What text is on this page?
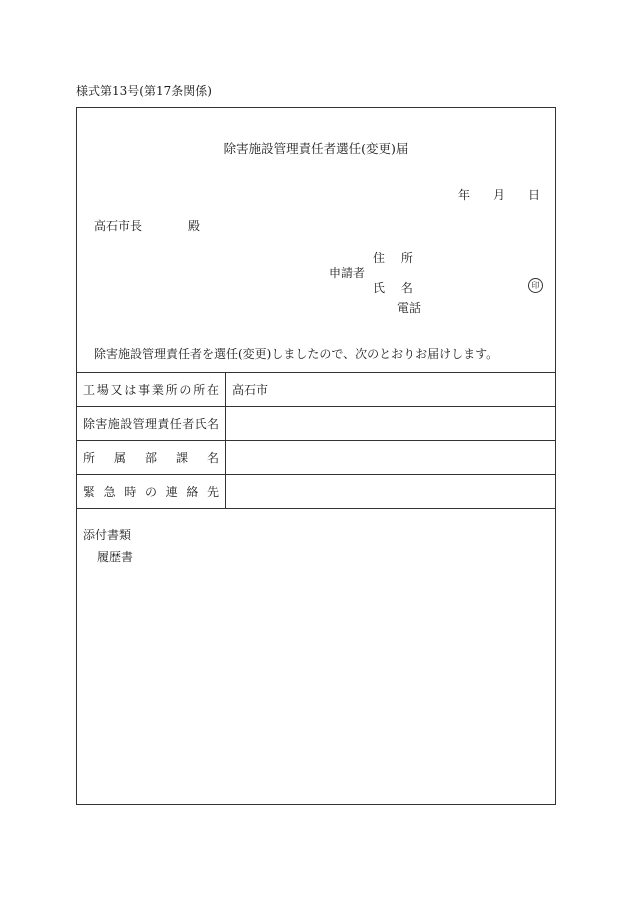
様式第13号(第17条関係)
除害施設管理責任者選任(変更)届
年 月 日
高石市長	殿
住 所
申請者
氏 名	印
電話
除害施設管理責任者を選任(変更)しましたので、次のとおりお届けします。
工場又は事業所の所在	高石市
除害施設管理責任者氏名
所属部課名
緊急時の連絡先
添付書類
履歴書
